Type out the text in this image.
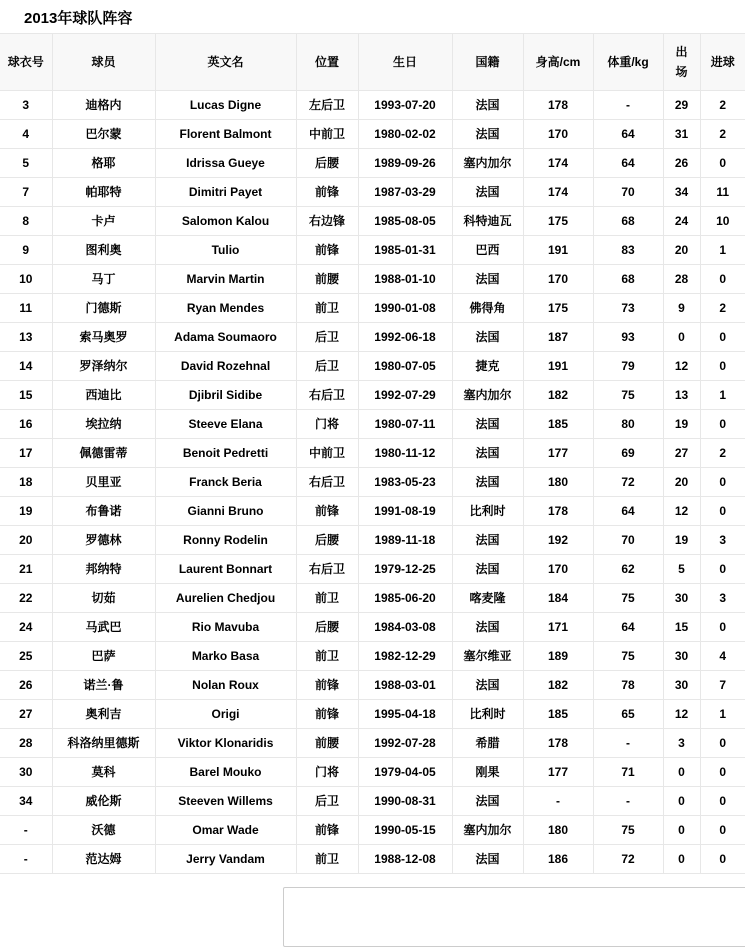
2013年球队阵容
球衣号	球员	英文名	位置	生日	国籍	身高/cm	体重/kg	出场	进球
3	迪格内	Lucas Digne	左后卫	1993-07-20	法国	178	-	29	2
4	巴尔蒙	Florent Balmont	中前卫	1980-02-02	法国	170	64	31	2
5	格耶	Idrissa Gueye	后腰	1989-09-26	塞内加尔	174	64	26	0
7	帕耶特	Dimitri Payet	前锋	1987-03-29	法国	174	70	34	11
8	卡卢	Salomon Kalou	右边锋	1985-08-05	科特迪瓦	175	68	24	10
9	图利奥	Tulio	前锋	1985-01-31	巴西	191	83	20	1
10	马丁	Marvin Martin	前腰	1988-01-10	法国	170	68	28	0
11	门德斯	Ryan Mendes	前卫	1990-01-08	佛得角	175	73	9	2
13	索马奥罗	Adama Soumaoro	后卫	1992-06-18	法国	187	93	0	0
14	罗泽纳尔	David Rozehnal	后卫	1980-07-05	捷克	191	79	12	0
15	西迪比	Djibril Sidibe	右后卫	1992-07-29	塞内加尔	182	75	13	1
16	埃拉纳	Steeve Elana	门将	1980-07-11	法国	185	80	19	0
17	佩德雷蒂	Benoit Pedretti	中前卫	1980-11-12	法国	177	69	27	2
18	贝里亚	Franck Beria	右后卫	1983-05-23	法国	180	72	20	0
19	布鲁诺	Gianni Bruno	前锋	1991-08-19	比利时	178	64	12	0
20	罗德林	Ronny Rodelin	后腰	1989-11-18	法国	192	70	19	3
21	邦纳特	Laurent Bonnart	右后卫	1979-12-25	法国	170	62	5	0
22	切茹	Aurelien Chedjou	前卫	1985-06-20	喀麦隆	184	75	30	3
24	马武巴	Rio Mavuba	后腰	1984-03-08	法国	171	64	15	0
25	巴萨	Marko Basa	前卫	1982-12-29	塞尔维亚	189	75	30	4
26	诺兰·鲁	Nolan Roux	前锋	1988-03-01	法国	182	78	30	7
27	奥利吉	Origi	前锋	1995-04-18	比利时	185	65	12	1
28	科洛纳里德斯	Viktor Klonaridis	前腰	1992-07-28	希腊	178	-	3	0
30	莫科	Barel Mouko	门将	1979-04-05	刚果	177	71	0	0
34	威伦斯	Steeven Willems	后卫	1990-08-31	法国	-	-	0	0
-	沃德	Omar Wade	前锋	1990-05-15	塞内加尔	180	75	0	0
-	范达姆	Jerry Vandam	前卫	1988-12-08	法国	186	72	0	0
